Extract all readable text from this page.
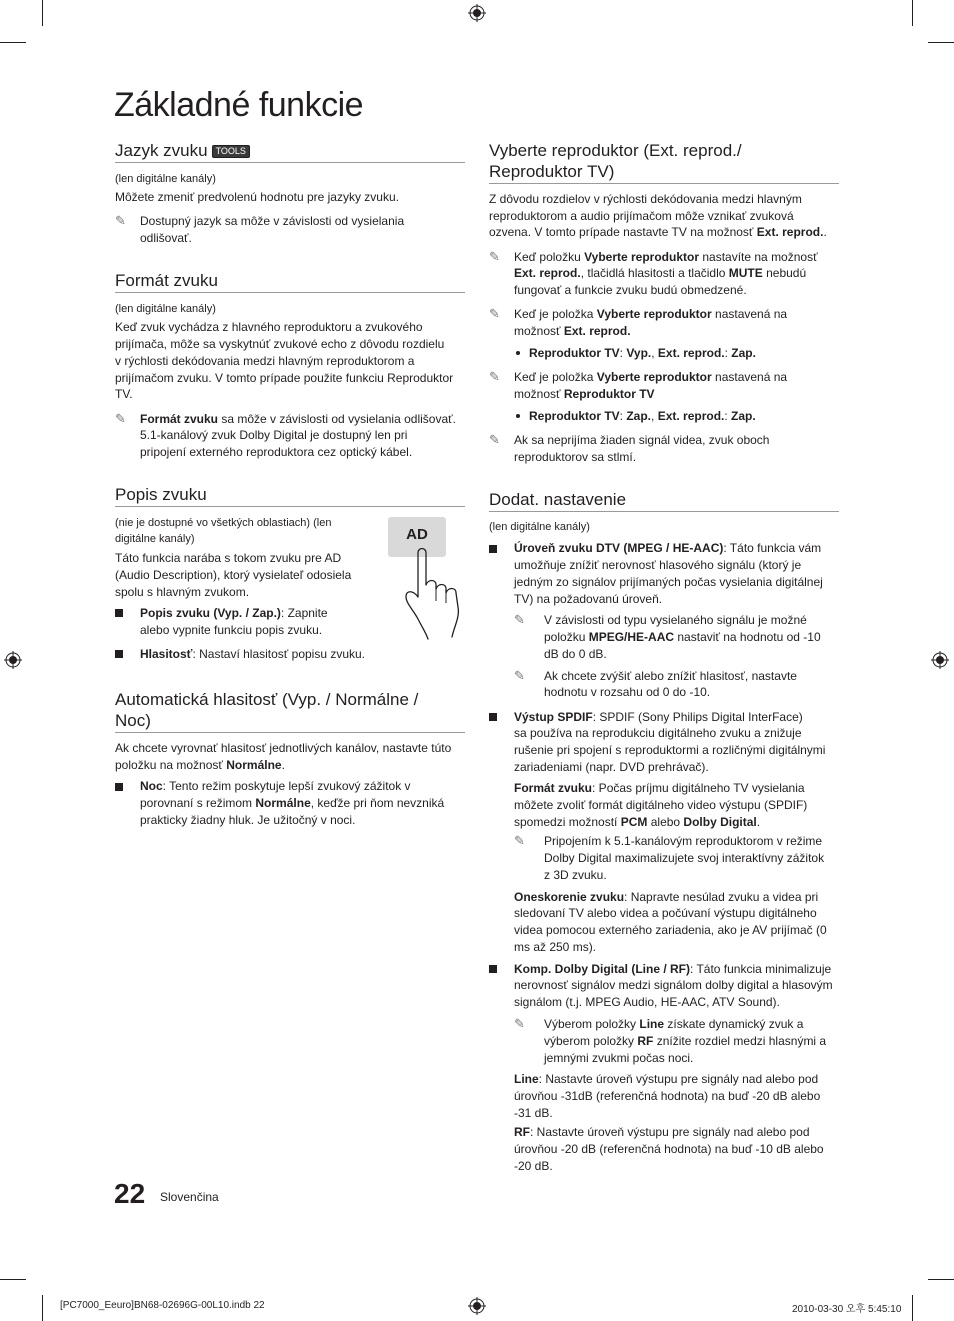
Základné funkcie
Jazyk zvuku TOOLS
(len digitálne kanály)
Môžete zmeniť predvolenú hodnotu pre jazyky zvuku.
✎ Dostupný jazyk sa môže v závislosti od vysielania
odlišovať.
Formát zvuku
(len digitálne kanály)
Keď zvuk vychádza z hlavného reproduktoru a zvukového
prijímača, môže sa vyskytnúť zvukové echo z dôvodu rozdielu
v rýchlosti dekódovania medzi hlavným reproduktorom a
prijímačom zvuku. V tomto prípade použite funkciu Reproduktor
TV.
✎ Formát zvuku sa môže v závislosti od vysielania odlišovať.
5.1-kanálový zvuk Dolby Digital je dostupný len pri
pripojení externého reproduktora cez optický kábel.
Popis zvuku
(nie je dostupné vo všetkých oblastiach) (len
digitálne kanály)
Táto funkcia narába s tokom zvuku pre AD
(Audio Description), ktorý vysielateľ odosiela
spolu s hlavným zvukom.
Popis zvuku (Vyp. / Zap.): Zapnite
alebo vypnite funkciu popis zvuku.
Hlasitosť: Nastaví hlasitosť popisu zvuku.
AD
Automatická hlasitosť (Vyp. / Normálne /
Noc)
Ak chcete vyrovnať hlasitosť jednotlivých kanálov, nastavte túto
položku na možnosť Normálne.
Noc: Tento režim poskytuje lepší zvukový zážitok v
porovnaní s režimom Normálne, keďže pri ňom nevzniká
prakticky žiadny hluk. Je užitočný v noci.
Vyberte reproduktor (Ext. reprod./
Reproduktor TV)
Z dôvodu rozdielov v rýchlosti dekódovania medzi hlavným
reproduktorom a audio prijímačom môže vznikať zvuková
ozvena. V tomto prípade nastavte TV na možnosť Ext. reprod..
✎ Keď položku Vyberte reproduktor nastavíte na možnosť
Ext. reprod., tlačidlá hlasitosti a tlačidlo MUTE nebudú
fungovať a funkcie zvuku budú obmedzené.
✎ Keď je položka Vyberte reproduktor nastavená na
možnosť Ext. reprod.
Reproduktor TV: Vyp., Ext. reprod.: Zap.
✎ Keď je položka Vyberte reproduktor nastavená na
možnosť Reproduktor TV
Reproduktor TV: Zap., Ext. reprod.: Zap.
✎ Ak sa neprijíma žiaden signál videa, zvuk oboch
reproduktorov sa stlmí.
Dodat. nastavenie
(len digitálne kanály)
Úroveň zvuku DTV (MPEG / HE-AAC): Táto funkcia vám
umožňuje znížiť nerovnosť hlasového signálu (ktorý je
jedným zo signálov prijímaných počas vysielania digitálnej
TV) na požadovanú úroveň.
✎ V závislosti od typu vysielaného signálu je možné
položku MPEG/HE-AAC nastaviť na hodnotu od -10
dB do 0 dB.
✎ Ak chcete zvýšiť alebo znížiť hlasitosť, nastavte
hodnotu v rozsahu od 0 do -10.
Výstup SPDIF: SPDIF (Sony Philips Digital InterFace)
sa používa na reprodukciu digitálneho zvuku a znižuje
rušenie pri spojení s reproduktormi a rozličnými digitálnymi
zariadeniami (napr. DVD prehrávač).
Formát zvuku: Počas príjmu digitálneho TV vysielania
môžete zvoliť formát digitálneho video výstupu (SPDIF)
spomedzi možností PCM alebo Dolby Digital.
✎ Pripojením k 5.1-kanálovým reproduktorom v režime
Dolby Digital maximalizujete svoj interaktívny zážitok
z 3D zvuku.
Oneskorenie zvuku: Napravte nesúlad zvuku a videa pri
sledovaní TV alebo videa a počúvaní výstupu digitálneho
videa pomocou externého zariadenia, ako je AV prijímač (0
ms až 250 ms).
Komp. Dolby Digital (Line / RF): Táto funkcia minimalizuje
nerovnosť signálov medzi signálom dolby digital a hlasovým
signálom (t.j. MPEG Audio, HE-AAC, ATV Sound).
✎ Výberom položky Line získate dynamický zvuk a
výberom položky RF znížite rozdiel medzi hlasnými a
jemnými zvukmi počas noci.
Line: Nastavte úroveň výstupu pre signály nad alebo pod
úrovňou -31dB (referenčná hodnota) na buď -20 dB alebo
-31 dB.
RF: Nastavte úroveň výstupu pre signály nad alebo pod
úrovňou -20 dB (referenčná hodnota) na buď -10 dB alebo
-20 dB.
22 Slovenčina
[PC7000_Eeuro]BN68-02696G-00L10.indb 22	2010-03-30 오후 5:45:10
